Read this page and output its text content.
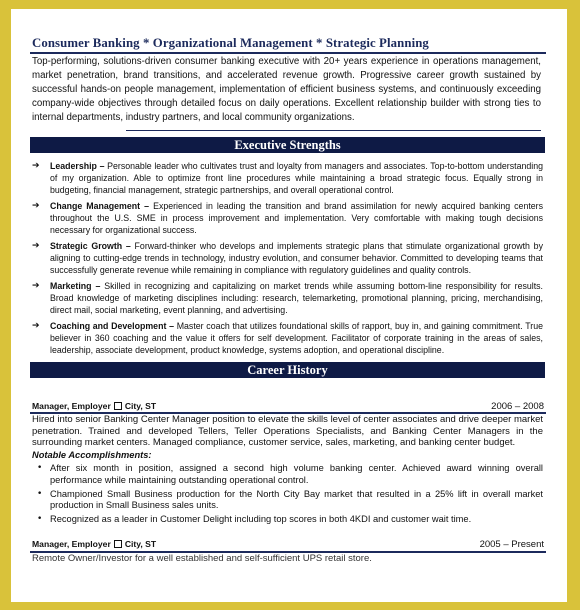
Consumer Banking * Organizational Management * Strategic Planning
Top-performing, solutions-driven consumer banking executive with 20+ years experience in operations management, market penetration, brand transitions, and accelerated revenue growth. Progressive career growth sustained by successful hands-on people management, implementation of efficient business systems, and continuously exceeding company-wide objectives through detailed focus on daily operations. Excellent relationship builder with strong ties to internal departments, industry partners, and local community organizations.
Executive Strengths
➔ Leadership – Personable leader who cultivates trust and loyalty from managers and associates. Top-to-bottom understanding of my organization. Able to optimize front line procedures while maintaining a broad strategic focus. Equally strong in budgeting, financial management, strategic partnerships, and overall operational control.
➔ Change Management – Experienced in leading the transition and brand assimilation for newly acquired banking centers throughout the U.S. SME in process improvement and implementation. Very comfortable with making tough decisions necessary for organizational success.
➔ Strategic Growth – Forward-thinker who develops and implements strategic plans that stimulate organizational growth by aligning to cutting-edge trends in technology, industry evolution, and consumer behavior. Committed to developing teams that successfully generate revenue while remaining in compliance with regulatory guidelines and quality controls.
➔ Marketing – Skilled in recognizing and capitalizing on market trends while assuming bottom-line responsibility for results. Broad knowledge of marketing disciplines including: research, telemarketing, promotional planning, pricing, merchandising, direct mail, social marketing, event planning, and advertising.
➔ Coaching and Development – Master coach that utilizes foundational skills of rapport, buy in, and gaining commitment. True believer in 360 coaching and the value it offers for self development. Facilitator of corporate training in the areas of sales, leadership, associate development, product knowledge, systems adoption, and operational discipline.
Career History
Manager, Employer City, ST	2006 – 2008
Hired into senior Banking Center Manager position to elevate the skills level of center associates and drive deeper market penetration. Trained and developed Tellers, Teller Operations Specialists, and Banking Center Managers in the surrounding market centers. Managed compliance, customer service, sales, marketing, and banking center budget.
Notable Accomplishments:
• After six month in position, assigned a second high volume banking center. Achieved award winning overall performance while maintaining outstanding operational control.
• Championed Small Business production for the North City Bay market that resulted in a 25% lift in overall market production in Small Business sales units.
• Recognized as a leader in Customer Delight including top scores in both 4KDI and customer wait time.
Manager, Employer City, ST	2005 – Present
Remote Owner/Investor for a well established and self-sufficient UPS retail store.
